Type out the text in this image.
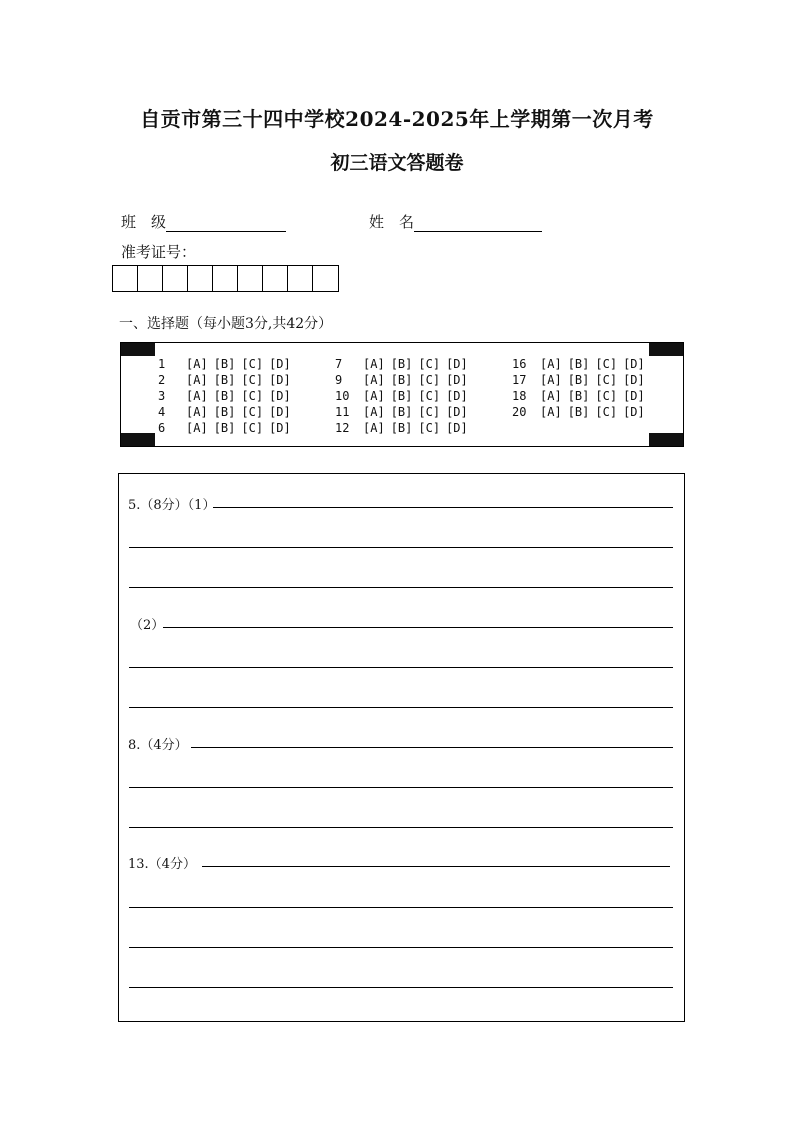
自贡市第三十四中学校2024-2025年上学期第一次月考
初三语文答题卷
班　级	姓　名
准考证号：
一、选择题（每小题3分,共42分）
1 [A] [B] [C] [D]
2 [A] [B] [C] [D]
3 [A] [B] [C] [D]
4 [A] [B] [C] [D]
6 [A] [B] [C] [D]
7 [A] [B] [C] [D]
9 [A] [B] [C] [D]
10 [A] [B] [C] [D]
11 [A] [B] [C] [D]
12 [A] [B] [C] [D]
16 [A] [B] [C] [D]
17 [A] [B] [C] [D]
18 [A] [B] [C] [D]
20 [A] [B] [C] [D]
5.（8分）（1）
（2）
8.（4分）
13.（4分）
